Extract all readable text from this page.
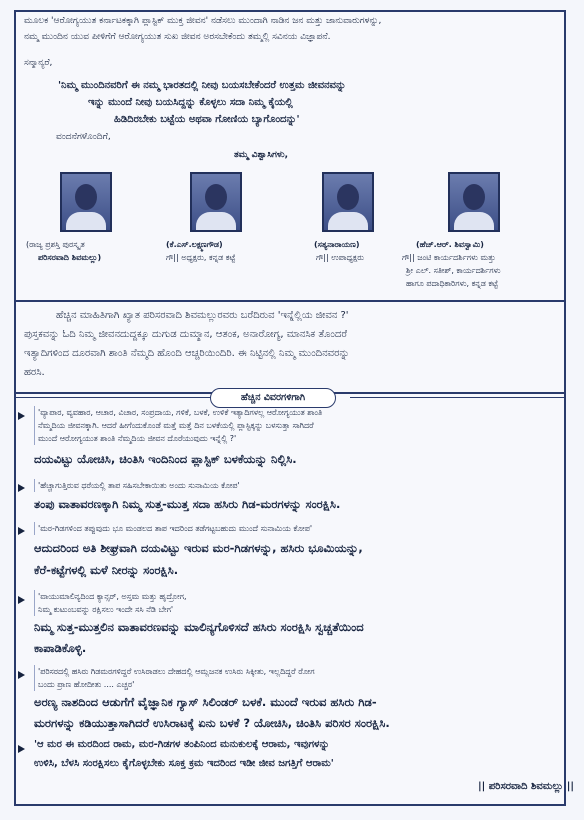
ಮೂಲಕ 'ಆರೋಗ್ಯಯುತ ಕರ್ನಾಟಕಕ್ಕಾಗಿ ಪ್ಲಾಸ್ಟಿಕ್ ಮುಕ್ತ ಜೀವನ' ನಡೆಸಲು ಮುಂದಾಗಿ ನಾಡಿನ ಜನ ಮತ್ತು ಜಾನುವಾರುಗಳನ್ನು,
ನಮ್ಮ ಮುಂದಿನ ಯುವ ಪೀಳಿಗೆಗೆ ಆರೋಗ್ಯಯುತ ಸುಖ ಜೀವನ ಅರಸಬೇಕೆಂದು ತಮ್ಮಲ್ಲಿ ಸವಿನಯ ವಿಜ್ಞಾಪನೆ.
ಸನ್ಮಾನ್ಯರೆ,
'ನಿಮ್ಮ ಮುಂದಿನವರಿಗೆ ಈ ನಮ್ಮ ಭಾರತದಲ್ಲಿ ನೀವು ಬಯಸಬೇಕೆಂದರೆ ಉತ್ತಮ ಜೀವನವನ್ನು
ಇನ್ನು ಮುಂದೆ ನೀವು ಬಯಸಿದ್ದನ್ನು ಕೊಳ್ಳಲು ಸದಾ ನಿಮ್ಮ ಕೈಯಲ್ಲಿ
ಹಿಡಿದಿರಬೇಕು ಬಟ್ಟೆಯ ಅಥವಾ ಗೋಣಿಯ ಬ್ಯಾಗೊಂದನ್ನು'
ವಂದನೆಗಳೊಂದಿಗೆ,
ತಮ್ಮ ವಿಶ್ವಾಸಿಗಳು,
(ರಾಜ್ಯ ಪ್ರಶಸ್ತಿ ಪುರಸ್ಕೃತ
ಪರಿಸರವಾದಿ ಶಿವಮಲ್ಲು)
(ಕೆ.ಎಸ್.ಲಕ್ಷ್ಮಣಗೌಡ)
ಗೌ|| ಅಧ್ಯಕ್ಷರು, ಕನ್ನಡ ಕಟ್ಟೆ
(ಸತ್ಯನಾರಾಯಣ)
ಗೌ|| ಉಪಾಧ್ಯಕ್ಷರು
(ಹೆಚ್.ಆರ್. ಶಿವಸ್ವಾಮಿ)
ಗೌ|| ಜಂಟಿ ಕಾರ್ಯದರ್ಶಿಗಳು ಮತ್ತು
ಶ್ರೀ ಎಲ್. ಸತೀಶ್, ಕಾರ್ಯದರ್ಶಿಗಳು
ಹಾಗೂ ಪದಾಧಿಕಾರಿಗಳು, ಕನ್ನಡ ಕಟ್ಟೆ
ಹೆಚ್ಚಿನ ಮಾಹಿತಿಗಾಗಿ ಖ್ಯಾತ ಪರಿಸರವಾದಿ ಶಿವಮಲ್ಲುರವರು ಬರೆದಿರುವ 'ಇನ್ನೆಲ್ಲಿಯ ಜೀವನ ?'
ಪುಸ್ತಕವನ್ನು ಓದಿ ನಿಮ್ಮ ಜೀವನದುದ್ದಕ್ಕೂ ದುಗುಡ ದುಮ್ಮಾನ, ಆತಂಕ, ಅನಾರೋಗ್ಯ, ಮಾನಸಿಕ ತೊಂದರೆ
ಇತ್ಯಾದಿಗಳಿಂದ ದೂರವಾಗಿ ಶಾಂತಿ ನೆಮ್ಮದಿ ಹೊಂದಿ ಆಚ್ಚರಿಯಿಂದಿರಿ. ಈ ನಿಟ್ಟಿನಲ್ಲಿ ನಿಮ್ಮ ಮುಂದಿನವರನ್ನು
ಹರಸಿ.
ಹೆಚ್ಚಿನ ವಿವರಗಳಿಗಾಗಿ
'ವ್ಯಾಪಾರ, ವ್ಯವಹಾರ, ಆಚಾರ, ವಿಚಾರ, ಸಂಪ್ರದಾಯ, ಗಳಿಕೆ, ಬಳಕೆ, ಉಳಿಕೆ ಇತ್ಯಾದಿಗಳಲ್ಲ ಆರೋಗ್ಯಯುತ ಶಾಂತಿ
ನೆಮ್ಮದಿಯ ಜೀವನಕ್ಕಾಗಿ. ಆದರೆ ಹೀಗೆಂದುಕೊಂಡೆ ಮತ್ತೆ ಮತ್ತೆ ದಿನ ಬಳಕೆಯಲ್ಲಿ ಪ್ಲಾಸ್ಟಿಕ್ಕನ್ನು ಬಳಸುತ್ತಾ ಸಾಗಿದರೆ
ಮುಂದೆ ಆರೋಗ್ಯಯುತ ಶಾಂತಿ ನೆಮ್ಮದಿಯ ಜೀವನ ದೊರೆಯುವುದು ಇನ್ನೆಲ್ಲಿ ?'
ದಯವಿಟ್ಟು ಯೋಚಿಸಿ, ಚಿಂತಿಸಿ ಇಂದಿನಿಂದ ಪ್ಲಾಸ್ಟಿಕ್ ಬಳಕೆಯನ್ನು ನಿಲ್ಲಿಸಿ.
'ಹೆಚ್ಚಾಗುತ್ತಿರುವ ಧರೆಯಲ್ಲಿ ತಾಪ ಸಹಿಸಬೇಕಾಯಿತು ಅಂದು ಸುನಾಮಿಯ ಕೋಪ'
ತಂಪು ವಾತಾವರಣಕ್ಕಾಗಿ ನಿಮ್ಮ ಸುತ್ತ-ಮುತ್ತ ಸದಾ ಹಸಿರು ಗಿಡ-ಮರಗಳನ್ನು ಸಂರಕ್ಷಿಸಿ.
'ಮರ-ಗಿಡಗಳಿಂದ ತಪ್ಪುವುದು ಭೂ ಮಂಡಲದ ತಾಪ ಇದರಿಂದ ತಡೆಗಟ್ಟಬಹುದು ಮುಂದೆ ಸುನಾಮಿಯ ಕೋಪ'
ಆದುದರಿಂದ ಅತಿ ಶೀಘ್ರವಾಗಿ ದಯವಿಟ್ಟು ಇರುವ ಮರ-ಗಿಡಗಳನ್ನು, ಹಸಿರು ಭೂಮಿಯನ್ನು,
ಕೆರೆ-ಕಟ್ಟೆಗಳಲ್ಲಿ ಮಳೆ ನೀರನ್ನು ಸಂರಕ್ಷಿಸಿ.
'ವಾಯುಮಾಲಿನ್ಯದಿಂದ ಕ್ಯಾನ್ಸರ್, ಅಸ್ತಮ ಮತ್ತು ಹೃದ್ರೋಗ,
ನಿಮ್ಮ ಕುಟುಂಬವನ್ನು ರಕ್ಷಿಸಲು ಇಂದೇ ಸಸಿ ನೆಡಿ ಬೇಗ'
ನಿಮ್ಮ ಸುತ್ತ-ಮುತ್ತಲಿನ ವಾತಾವರಣವನ್ನು ಮಾಲಿನ್ಯಗೊಳಿಸದೆ ಹಸಿರು ಸಂರಕ್ಷಿಸಿ ಸ್ವಚ್ಚತೆಯಿಂದ
ಕಾಪಾಡಿಕೊಳ್ಳಿ.
'ಪರಿಸರದಲ್ಲಿ ಹಸಿರು ಗಿಡಮರಗಳಿದ್ದರೆ ಉಸಿರಾಡಲು ದೇಹದಲ್ಲಿ ಆಮ್ಲಜನಕ ಉಸಿರು ಸಿಕ್ಕೀತು, ಇಲ್ಲದಿದ್ದರೆ ರೋಗ
ಬಂದು ಪ್ರಾಣ ಹೋದೀತು .... ಎಚ್ಚರ'
ಅರಣ್ಯ ನಾಶದಿಂದ ಆಡುಗೆಗೆ ವೈಜ್ಞಾನಿಕ ಗ್ಯಾಸ್ ಸಿಲಿಂಡರ್ ಬಳಕೆ. ಮುಂದೆ ಇರುವ ಹಸಿರು ಗಿಡ-
ಮರಗಳನ್ನು ಕಡಿಯುತ್ತಾಸಾಗಿದರೆ ಉಸಿರಾಟಕ್ಕೆ ಏನು ಬಳಕೆ ? ಯೋಚಿಸಿ, ಚಿಂತಿಸಿ ಪರಿಸರ ಸಂರಕ್ಷಿಸಿ.
'ಆ ಮರ ಈ ಮರದಿಂದ ರಾಮ, ಮರ-ಗಿಡಗಳ ತಂಪಿನಿಂದ ಮನುಕುಲಕ್ಕೆ ಆರಾಮ, ಇವುಗಳನ್ನು
ಉಳಿಸಿ, ಬೆಳಸಿ ಸಂರಕ್ಷಿಸಲು ಕೈಗೊಳ್ಳಬೇಕು ಸೂಕ್ತ ಕ್ರಮ ಇದರಿಂದ ಇಡೀ ಜೀವ ಜಗತ್ತಿಗೆ ಆರಾಮ'
|| ಪರಿಸರವಾದಿ ಶಿವಮಲ್ಲು ||
